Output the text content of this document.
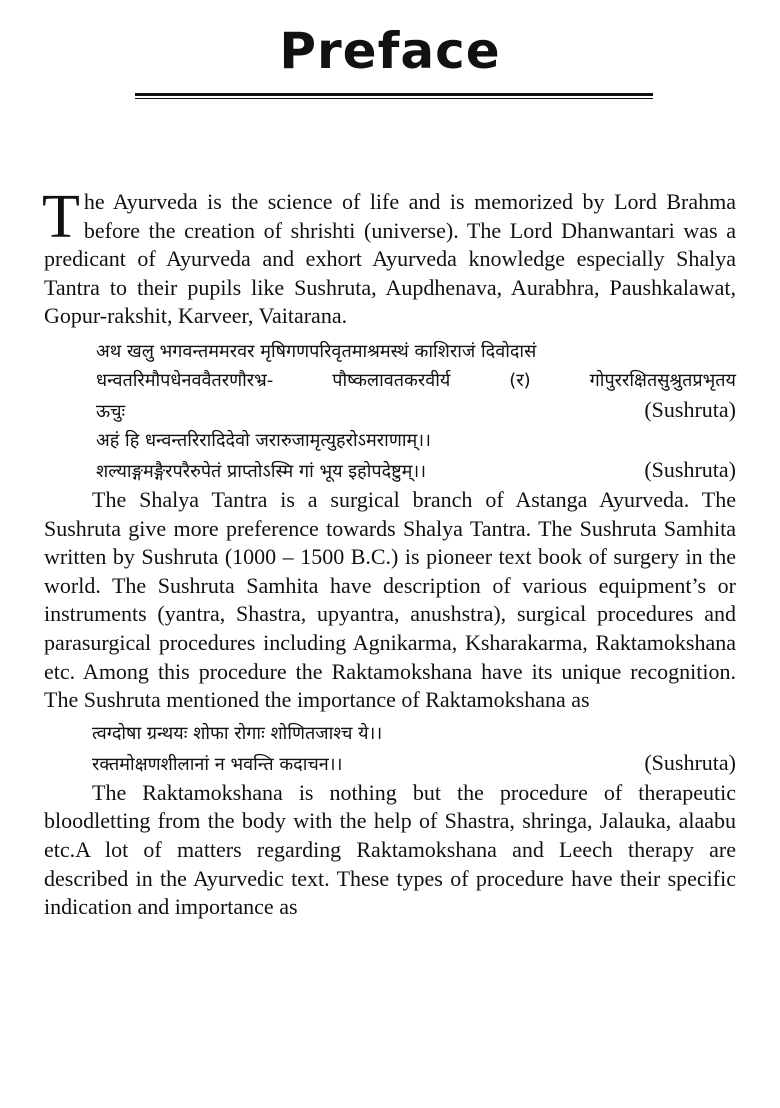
Preface

The Ayurveda is the science of life and is memorized by Lord Brahma before the creation of shrishti (universe). The Lord Dhanwantari was a predicant of Ayurveda and exhort Ayurveda knowledge especially Shalya Tantra to their pupils like Sushruta, Aupdhenava, Aurabhra, Paushkalawat, Gopur-rakshit, Karveer, Vaitarana.

अथ खलु भगवन्तममरवर मृषिगणपरिवृतमाश्रमस्थं काशिराजं दिवोदासं
धन्वतरिमौपधेनववैतरणौरभ्र- पौष्कलावतकरवीर्य (र) गोपुररक्षितसुश्रुतप्रभृतय
ऊचुः	(Sushruta)
अहं हि धन्वन्तरिरादिदेवो जरारुजामृत्युहरोऽमराणाम्।।
शल्याङ्गमङ्गैरपरैरुपेतं प्राप्तोऽस्मि गां भूय इहोपदेष्टुम्।।	(Sushruta)

The Shalya Tantra is a surgical branch of Astanga Ayurveda. The Sushruta give more preference towards Shalya Tantra. The Sushruta Samhita written by Sushruta (1000 – 1500 B.C.) is pioneer text book of surgery in the world. The Sushruta Samhita have description of various equipment’s or instruments (yantra, Shastra, upyantra, anushstra), surgical procedures and parasurgical procedures including Agnikarma, Ksharakarma, Raktamokshana etc. Among this procedure the Raktamokshana have its unique recognition. The Sushruta mentioned the importance of Raktamokshana as

त्वग्दोषा ग्रन्थयः शोफा रोगाः शोणितजाश्च ये।।
रक्तमोक्षणशीलानां न भवन्ति कदाचन।।	(Sushruta)

The Raktamokshana is nothing but the procedure of therapeutic bloodletting from the body with the help of Shastra, shringa, Jalauka, alaabu etc.A lot of matters regarding Raktamokshana and Leech therapy are described in the Ayurvedic text. These types of procedure have their specific indication and importance as
